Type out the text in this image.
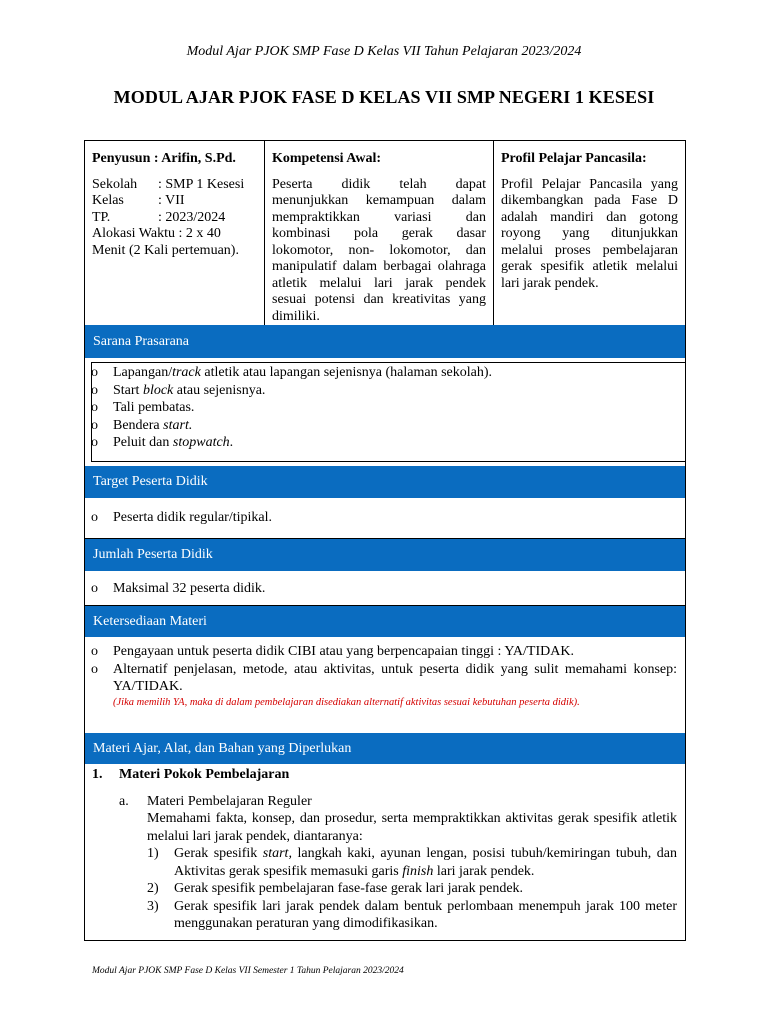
Modul Ajar PJOK SMP Fase D Kelas VII Tahun Pelajaran 2023/2024
MODUL AJAR PJOK FASE D KELAS VII SMP NEGERI 1 KESESI
Penyusun : Arifin, S.Pd.
Sekolah	: SMP 1 Kesesi
Kelas	: VII
TP.	: 2023/2024
Alokasi Waktu : 2 x 40 Menit (2 Kali pertemuan).
Kompetensi Awal:
Peserta didik telah dapat menunjukkan kemampuan dalam mempraktikkan variasi dan kombinasi pola gerak dasar lokomotor, non- lokomotor, dan manipulatif dalam berbagai olahraga atletik melalui lari jarak pendek sesuai potensi dan kreativitas yang dimiliki.
Profil Pelajar Pancasila:
Profil Pelajar Pancasila yang dikembangkan pada Fase D adalah mandiri dan gotong royong yang ditunjukkan melalui proses pembelajaran gerak spesifik atletik melalui lari jarak pendek.
Sarana Prasarana
o	Lapangan/track atletik atau lapangan sejenisnya (halaman sekolah).
o	Start block atau sejenisnya.
o	Tali pembatas.
o	Bendera start.
o	Peluit dan stopwatch.
Target Peserta Didik
o	Peserta didik regular/tipikal.
Jumlah Peserta Didik
o	Maksimal 32 peserta didik.
Ketersediaan Materi
o	Pengayaan untuk peserta didik CIBI atau yang berpencapaian tinggi : YA/TIDAK.
o	Alternatif penjelasan, metode, atau aktivitas, untuk peserta didik yang sulit memahami konsep: YA/TIDAK.
(Jika memilih YA, maka di dalam pembelajaran disediakan alternatif aktivitas sesuai kebutuhan peserta didik).
Materi Ajar, Alat, dan Bahan yang Diperlukan
1.	Materi Pokok Pembelajaran
a.	Materi Pembelajaran Reguler
Memahami fakta, konsep, dan prosedur, serta mempraktikkan aktivitas gerak spesifik atletik melalui lari jarak pendek, diantaranya:
1)	Gerak spesifik start, langkah kaki, ayunan lengan, posisi tubuh/kemiringan tubuh, dan Aktivitas gerak spesifik memasuki garis finish lari jarak pendek.
2)	Gerak spesifik pembelajaran fase-fase gerak lari jarak pendek.
3)	Gerak spesifik lari jarak pendek dalam bentuk perlombaan menempuh jarak 100 meter menggunakan peraturan yang dimodifikasikan.
Modul Ajar PJOK SMP Fase D Kelas VII Semester 1 Tahun Pelajaran 2023/2024
